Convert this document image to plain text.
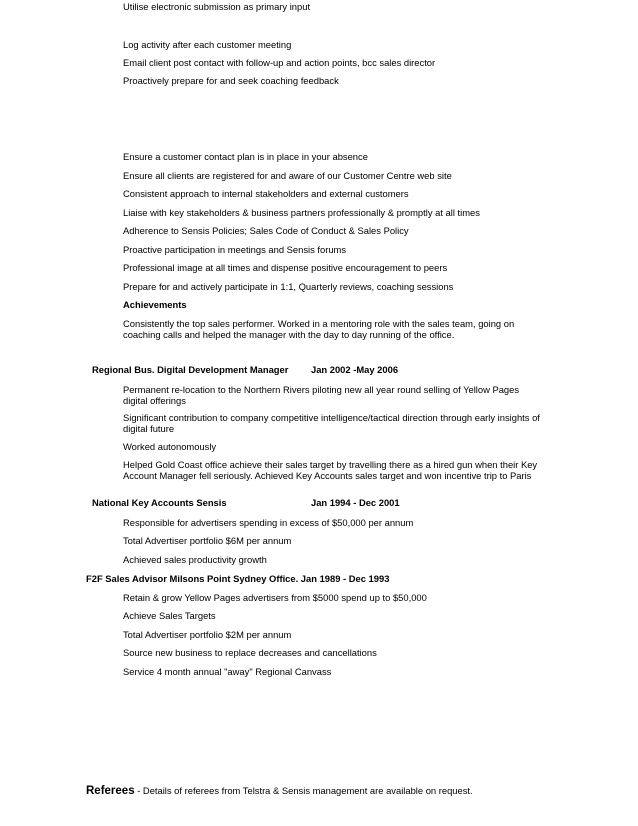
Utilise electronic submission as primary input
Log activity after each customer meeting
Email client post contact with follow-up and action points, bcc sales director
Proactively prepare for and seek coaching feedback
Ensure a customer contact plan is in place in your absence
Ensure all clients are registered for and aware of our Customer Centre web site
Consistent approach to internal stakeholders and external customers
Liaise with key stakeholders & business partners professionally & promptly at all times
Adherence to Sensis Policies; Sales Code of Conduct & Sales Policy
Proactive participation in meetings and Sensis forums
Professional image at all times and dispense positive encouragement to peers
Prepare for and actively participate in 1:1, Quarterly reviews, coaching sessions
Achievements
Consistently the top sales performer. Worked in a mentoring role with the sales team, going on coaching calls and helped the manager with the day to day running of the office.
Regional Bus. Digital Development Manager Jan 2002 -May 2006
Permanent re-location to the Northern Rivers piloting new all year round selling of Yellow Pages digital offerings
Significant contribution to company competitive intelligence/tactical direction through early insights of digital future
Worked autonomously
Helped Gold Coast office achieve their sales target by travelling there as a hired gun when their Key Account Manager fell seriously. Achieved Key Accounts sales target and won incentive trip to Paris
National Key Accounts Sensis	Jan 1994 - Dec 2001
Responsible for advertisers spending in excess of $50,000 per annum
Total Advertiser portfolio $6M per annum
Achieved sales productivity growth
F2F Sales Advisor Milsons Point Sydney Office. Jan 1989 - Dec 1993
Retain & grow Yellow Pages advertisers from $5000 spend up to $50,000
Achieve Sales Targets
Total Advertiser portfolio $2M per annum
Source new business to replace decreases and cancellations
Service 4 month annual "away" Regional Canvass
Referees - Details of referees from Telstra & Sensis management are available on request.
